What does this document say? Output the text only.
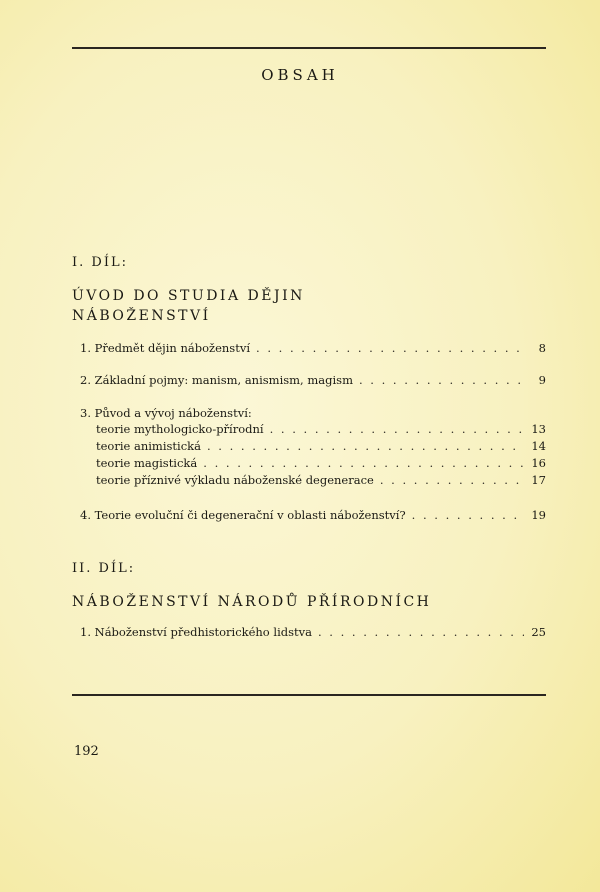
OBSAH
I. DÍL:
ÚVOD DO STUDIA DĚJIN
NÁBOŽENSTVÍ
1. Předmět dějin náboženství . . .	8
2. Základní pojmy: manism, anismism, magism . . .	9
3. Původ a vývoj náboženství:
teorie mythologicko-přírodní . . .	13
teorie animistická . . .	14
teorie magistická . . .	16
teorie příznivé výkladu náboženské degenerace . . .	17
4. Teorie evoluční či degenerační v oblasti náboženství? . . .	19
II. DÍL:
NÁBOŽENSTVÍ NÁRODŮ PŘÍRODNÍCH
1. Náboženství předhistorického lidstva . . .	25
192
